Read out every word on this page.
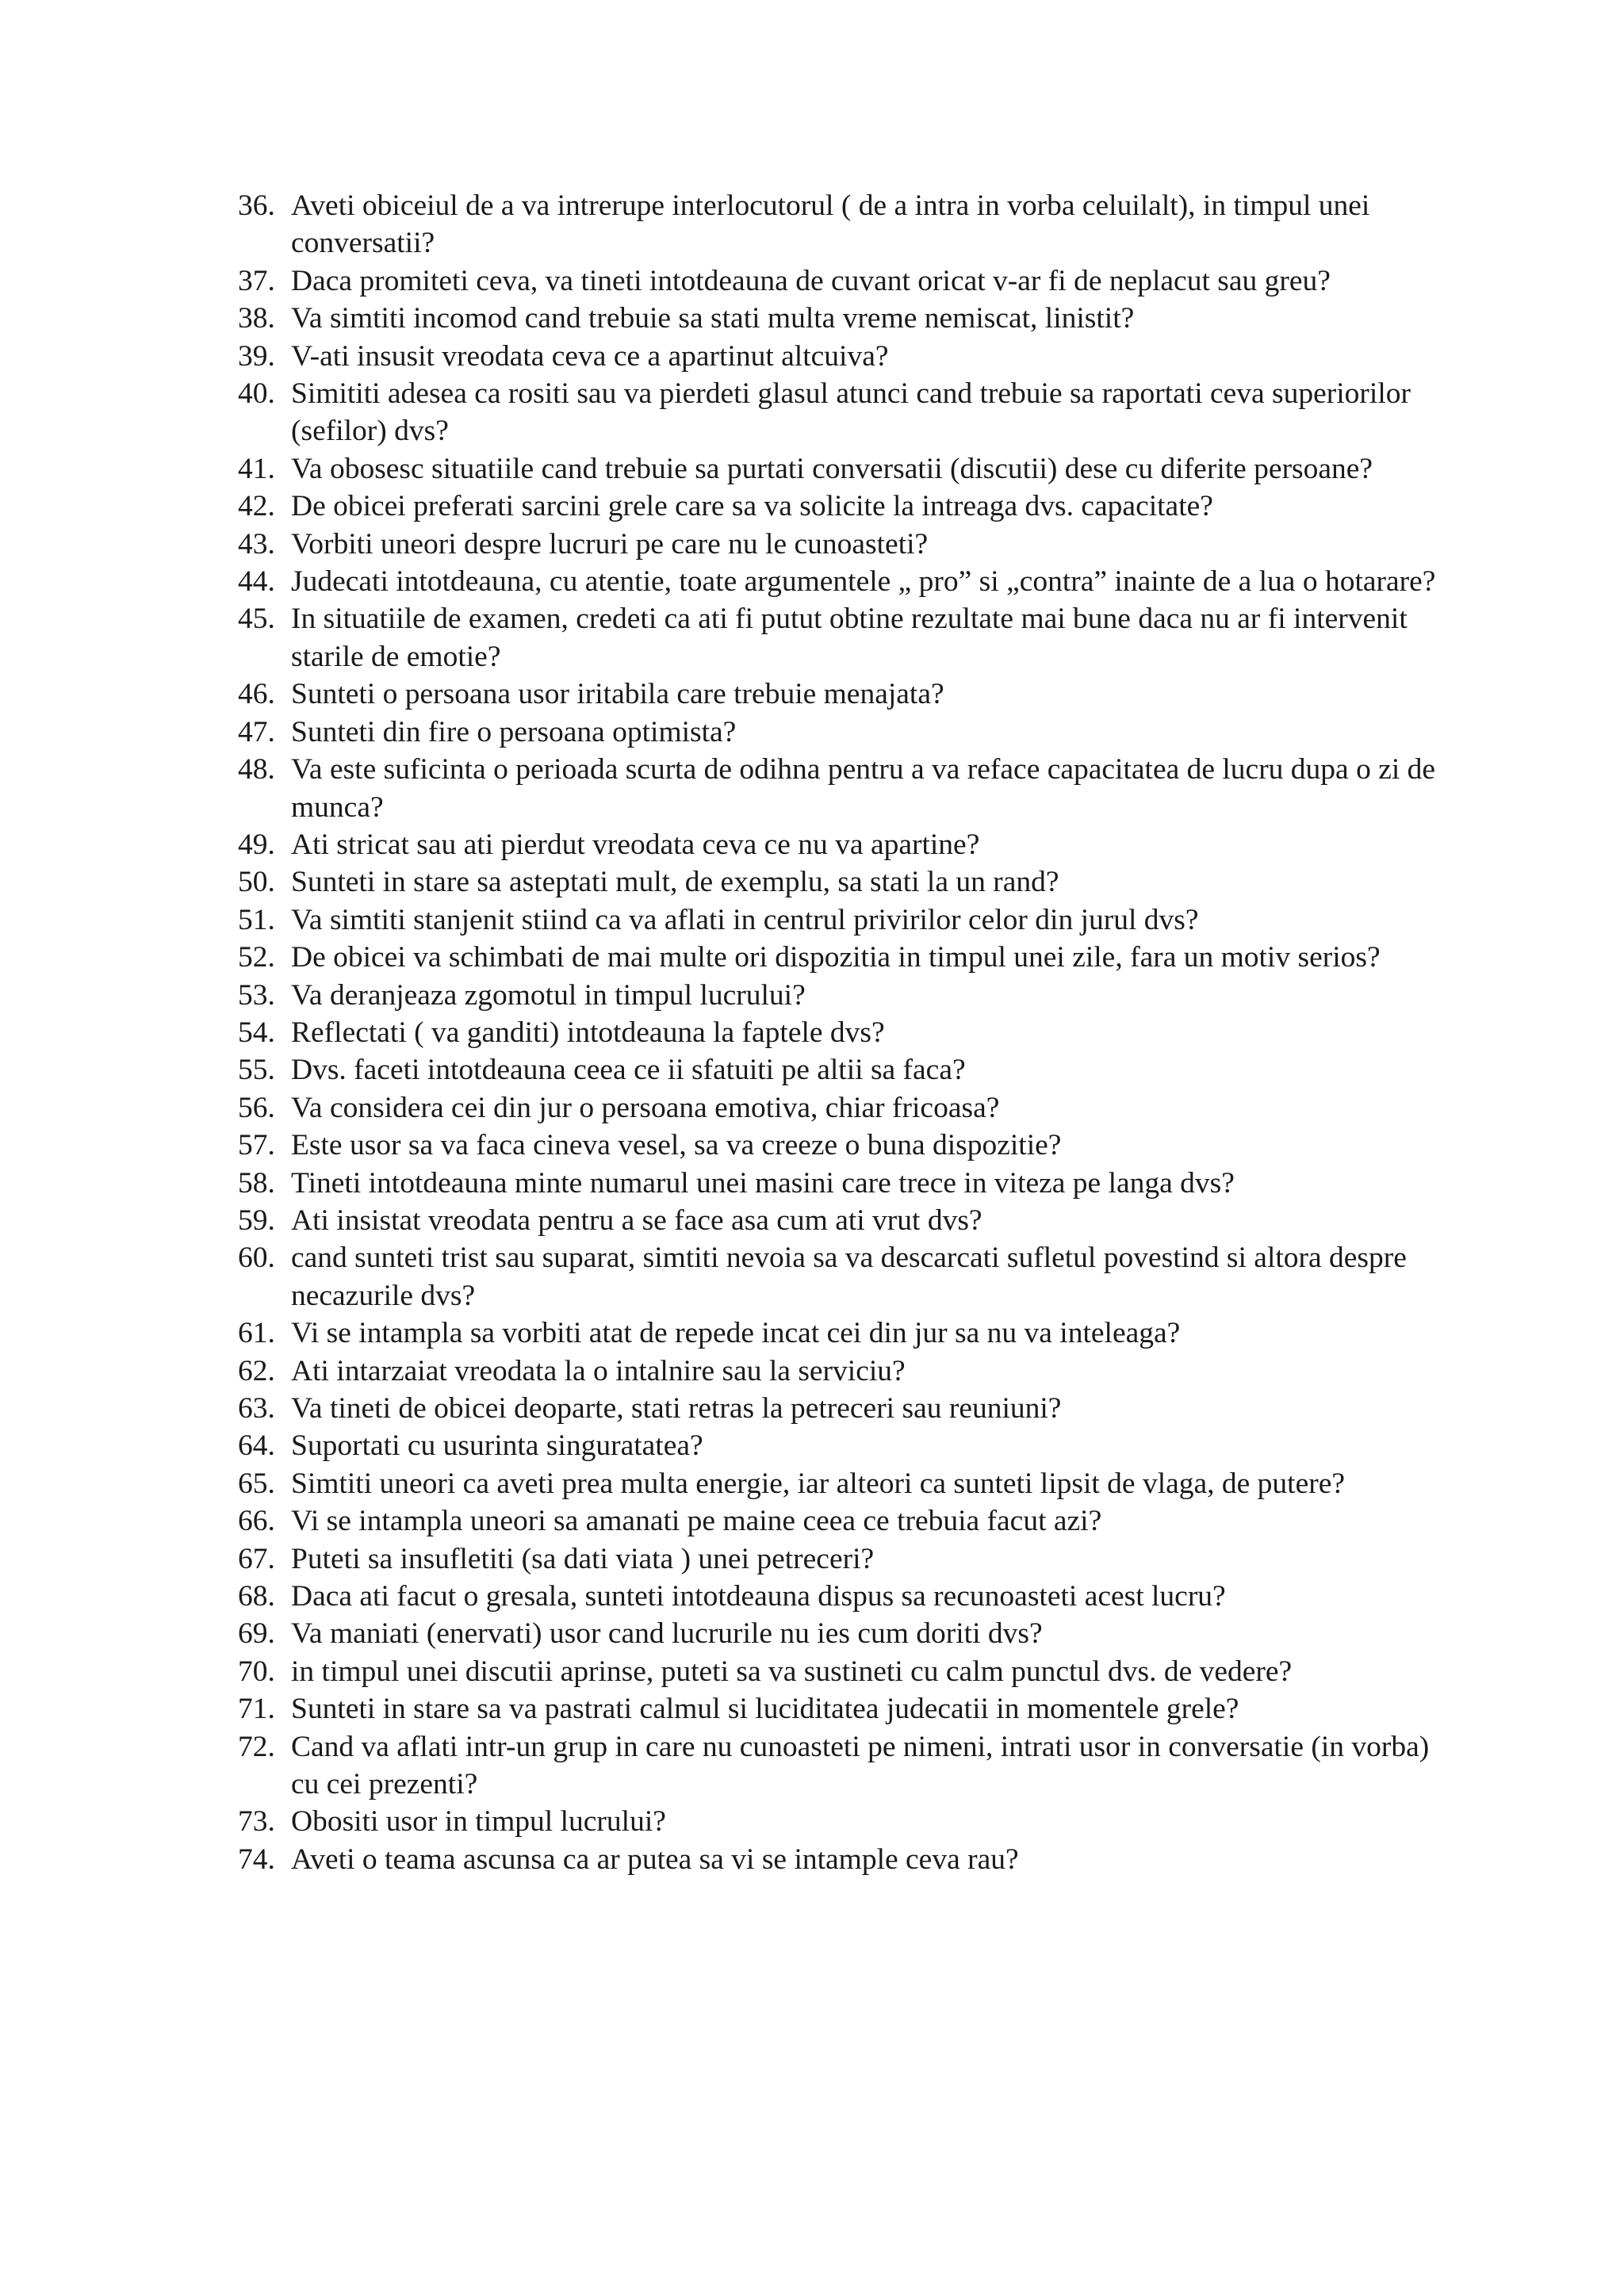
36. Aveti obiceiul de a va intrerupe interlocutorul ( de a intra in vorba celuilalt), in timpul unei conversatii?
37. Daca promiteti ceva, va tineti intotdeauna de cuvant oricat v-ar fi de neplacut sau greu?
38. Va simtiti incomod cand trebuie sa stati multa vreme nemiscat, linistit?
39. V-ati insusit vreodata ceva ce a apartinut altcuiva?
40. Simititi adesea ca rositi sau va pierdeti glasul atunci cand trebuie sa raportati ceva superiorilor (sefilor) dvs?
41. Va obosesc situatiile cand trebuie sa purtati conversatii (discutii) dese cu diferite persoane?
42. De obicei preferati sarcini grele care sa va solicite la intreaga dvs. capacitate?
43. Vorbiti uneori despre lucruri pe care nu le cunoasteti?
44. Judecati intotdeauna, cu atentie, toate argumentele „ pro” si „contra” inainte de a lua o hotarare?
45. In situatiile de examen, credeti ca ati fi putut obtine rezultate mai bune daca nu ar fi intervenit starile de emotie?
46. Sunteti o persoana usor iritabila care trebuie menajata?
47. Sunteti din fire o persoana optimista?
48. Va este suficinta o perioada scurta de odihna pentru a va reface capacitatea de lucru dupa o zi de munca?
49. Ati stricat sau ati pierdut vreodata ceva ce nu va apartine?
50. Sunteti in stare sa asteptati mult, de exemplu, sa stati la un rand?
51. Va simtiti stanjenit stiind ca va aflati in centrul privirilor celor din jurul dvs?
52. De obicei va schimbati de mai multe ori dispozitia in timpul unei zile, fara un motiv serios?
53. Va deranjeaza zgomotul in timpul lucrului?
54. Reflectati ( va ganditi) intotdeauna la faptele dvs?
55. Dvs. faceti intotdeauna ceea ce ii sfatuiti pe altii sa faca?
56. Va considera cei din jur o persoana emotiva, chiar fricoasa?
57. Este usor sa va faca cineva vesel, sa va creeze o buna dispozitie?
58. Tineti intotdeauna minte numarul unei masini care trece in viteza pe langa dvs?
59. Ati insistat vreodata pentru a se face asa cum ati vrut dvs?
60. cand sunteti trist sau suparat, simtiti nevoia sa va descarcati sufletul povestind si altora despre necazurile dvs?
61. Vi se intampla sa vorbiti atat de repede incat cei din jur sa nu va inteleaga?
62. Ati intarzaiat vreodata la o intalnire sau la serviciu?
63. Va tineti de obicei deoparte, stati retras la petreceri sau reuniuni?
64. Suportati cu usurinta singuratatea?
65. Simtiti uneori ca aveti prea multa energie, iar alteori ca sunteti lipsit de vlaga, de putere?
66. Vi se intampla uneori sa amanati pe maine ceea ce trebuia facut azi?
67. Puteti sa insufletiti (sa dati viata ) unei petreceri?
68. Daca ati facut o gresala, sunteti intotdeauna dispus sa recunoasteti acest lucru?
69. Va maniati (enervati) usor cand lucrurile nu ies cum doriti dvs?
70. in timpul unei discutii aprinse, puteti sa va sustineti cu calm punctul dvs. de vedere?
71. Sunteti in stare sa va pastrati calmul si luciditatea judecatii in momentele grele?
72. Cand va aflati intr-un grup in care nu cunoasteti pe nimeni, intrati usor in conversatie (in vorba) cu cei prezenti?
73. Obositi usor in timpul lucrului?
74. Aveti o teama ascunsa ca ar putea sa vi se intample ceva rau?
